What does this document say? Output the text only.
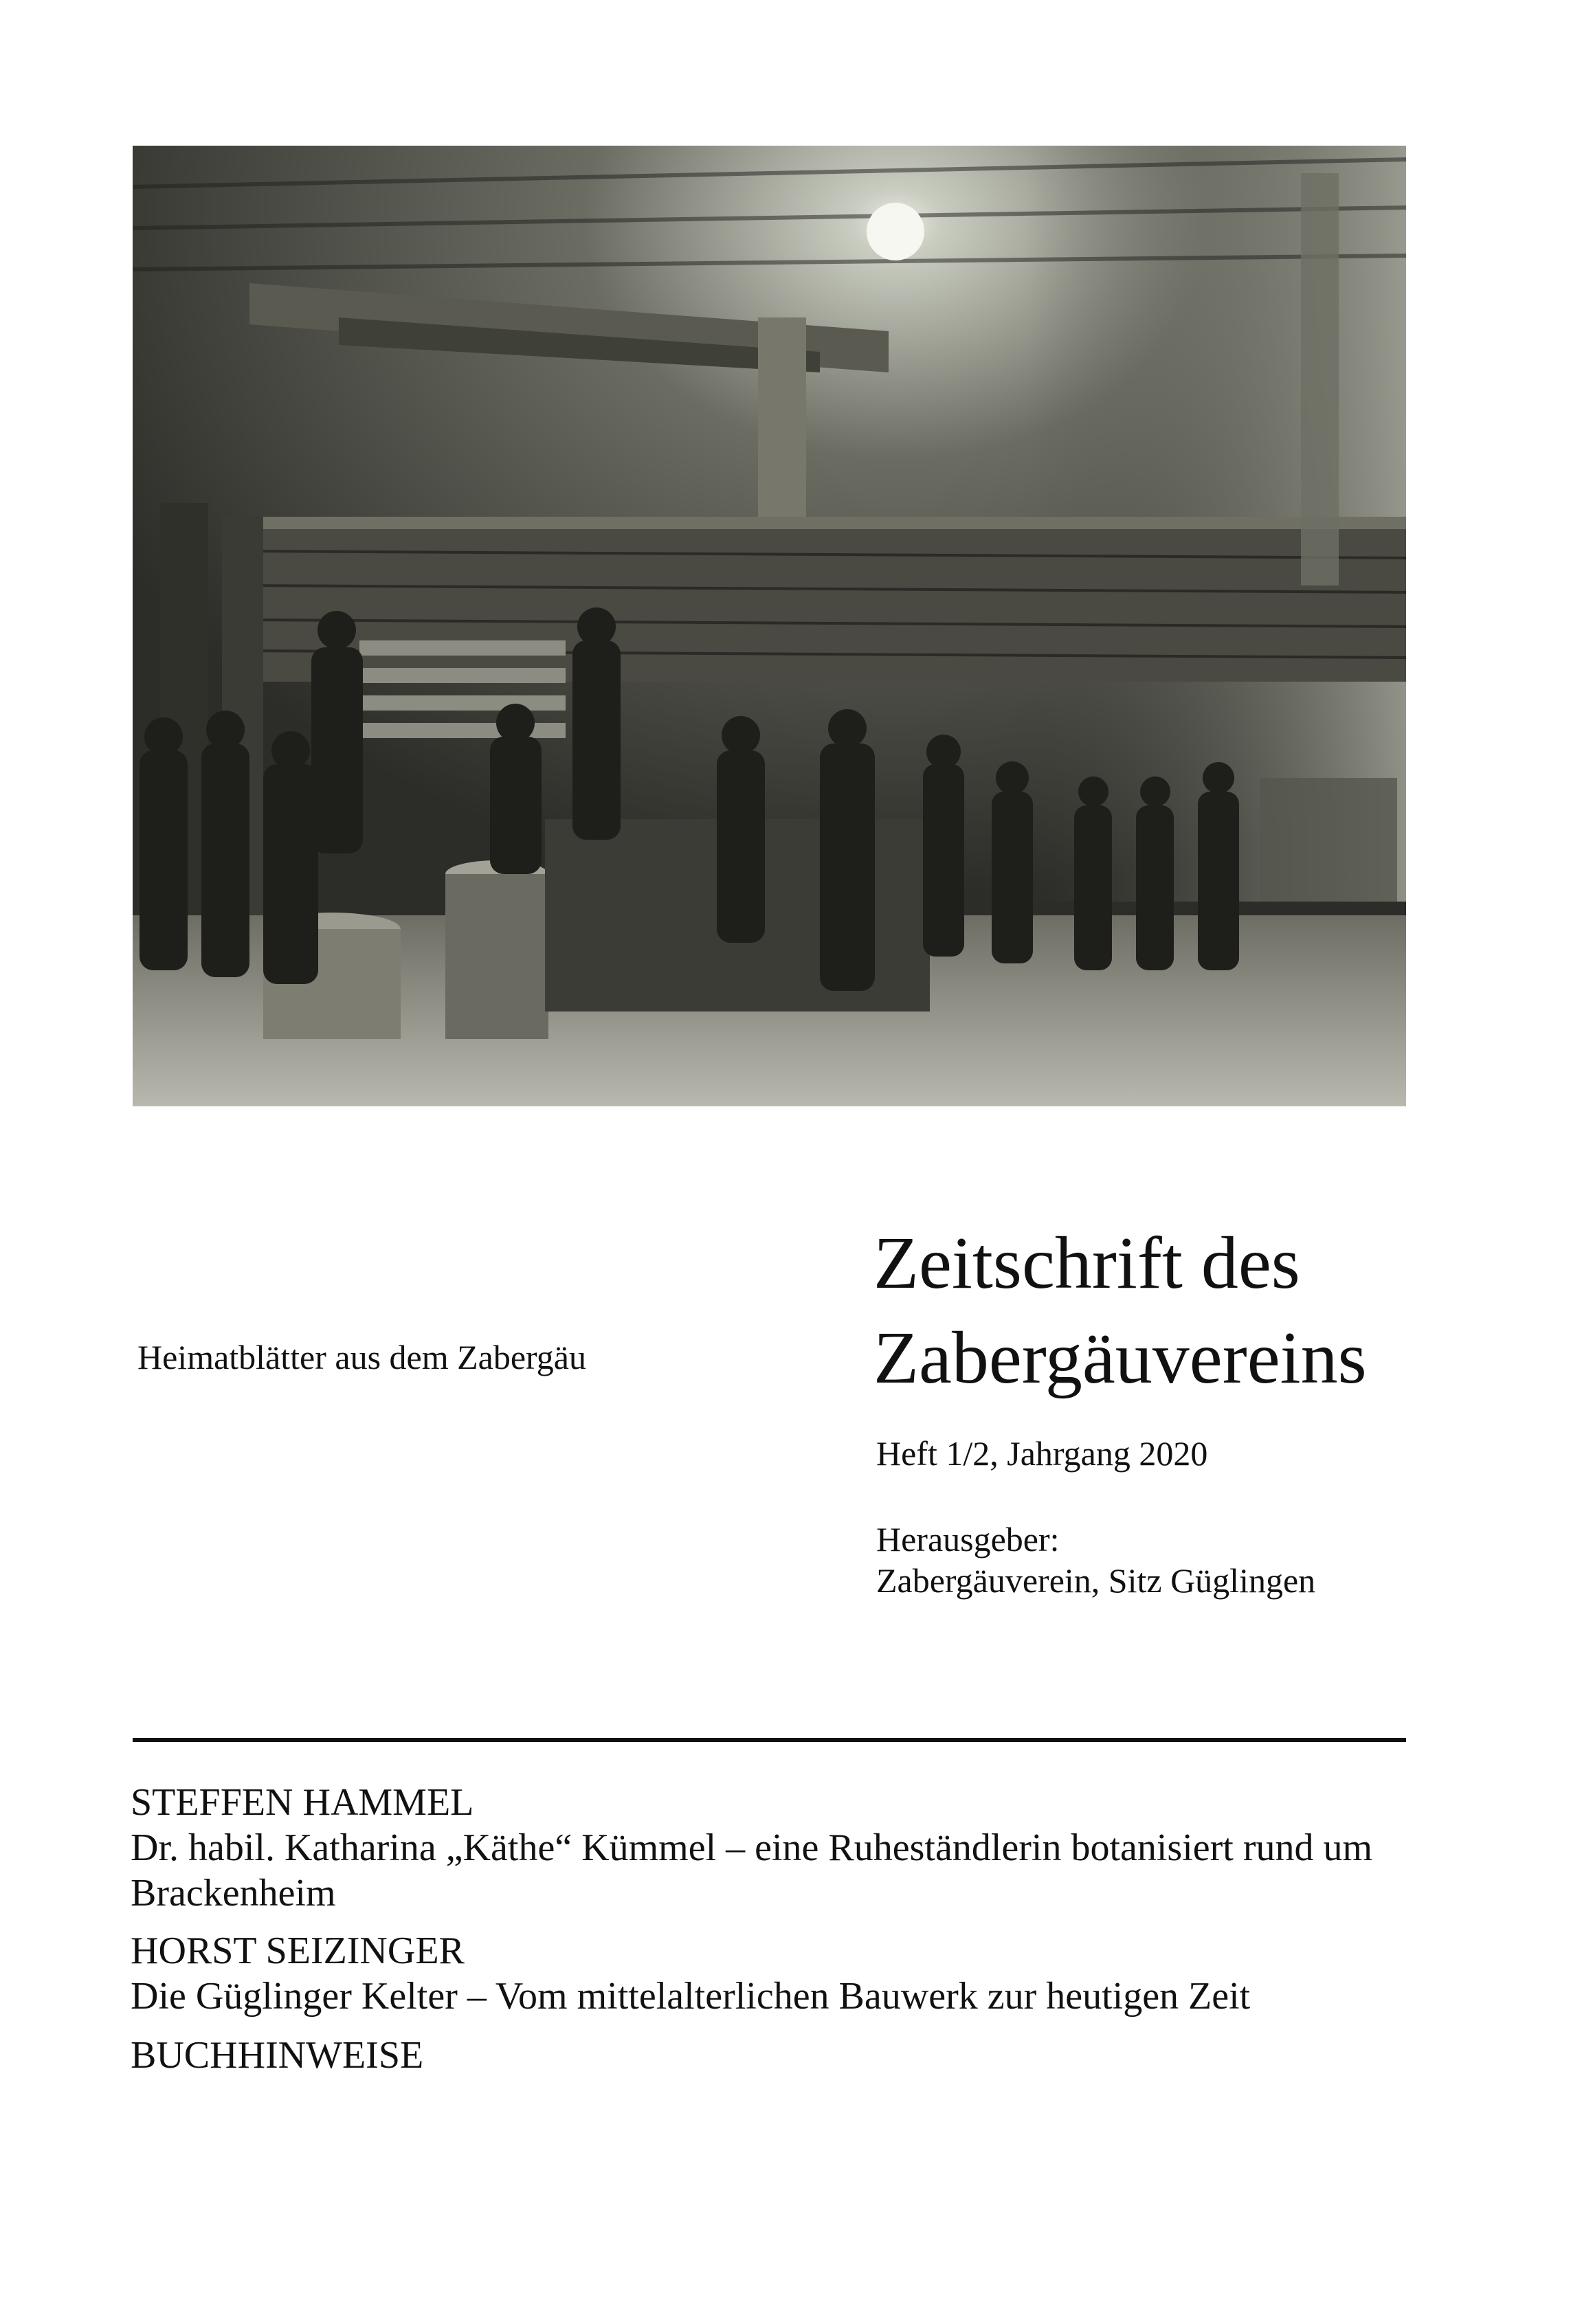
Heimatblätter aus dem Zabergäu
Zeitschrift des
Zabergäuvereins
Heft 1/2, Jahrgang 2020
Herausgeber:
Zabergäuverein, Sitz Güglingen
STEFFEN HAMMEL
Dr. habil. Katharina „Käthe“ Kümmel – eine Ruheständlerin botanisiert rund um Brackenheim
HORST SEIZINGER
Die Güglinger Kelter – Vom mittelalterlichen Bauwerk zur heutigen Zeit
BUCHHINWEISE
